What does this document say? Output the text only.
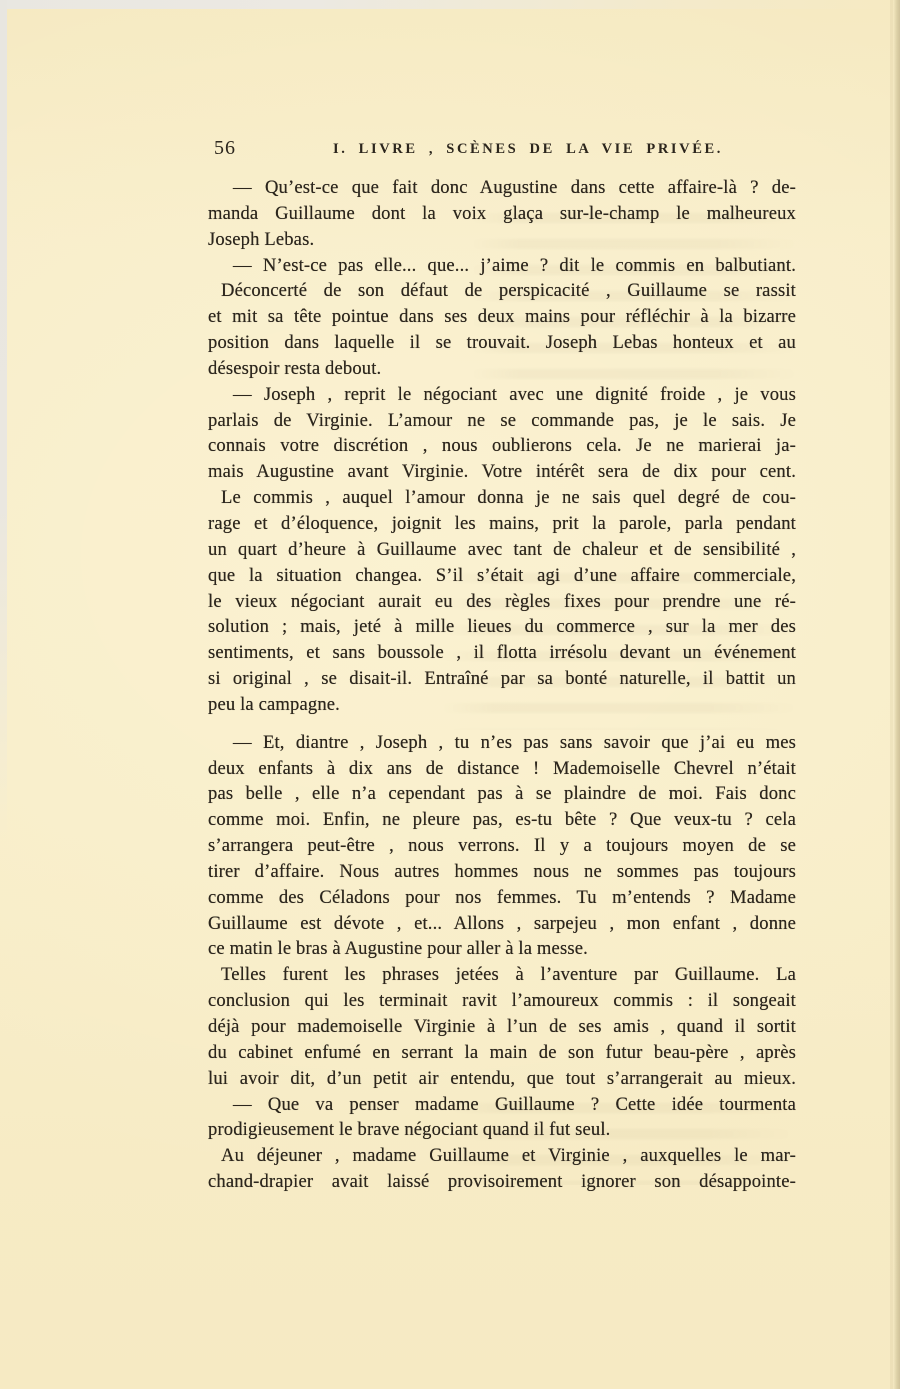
56	I. LIVRE , SCÈNES DE LA VIE PRIVÉE.
— Qu’est-ce que fait donc Augustine dans cette affaire-là ? de-
manda Guillaume dont la voix glaça sur-le-champ le malheureux
Joseph Lebas.
— N’est-ce pas elle... que... j’aime ? dit le commis en balbutiant.
Déconcerté de son défaut de perspicacité , Guillaume se rassit
et mit sa tête pointue dans ses deux mains pour réfléchir à la bizarre
position dans laquelle il se trouvait. Joseph Lebas honteux et au
désespoir resta debout.
— Joseph , reprit le négociant avec une dignité froide , je vous
parlais de Virginie. L’amour ne se commande pas, je le sais. Je
connais votre discrétion , nous oublierons cela. Je ne marierai ja-
mais Augustine avant Virginie. Votre intérêt sera de dix pour cent.
Le commis , auquel l’amour donna je ne sais quel degré de cou-
rage et d’éloquence, joignit les mains, prit la parole, parla pendant
un quart d’heure à Guillaume avec tant de chaleur et de sensibilité ,
que la situation changea. S’il s’était agi d’une affaire commerciale,
le vieux négociant aurait eu des règles fixes pour prendre une ré-
solution ; mais, jeté à mille lieues du commerce , sur la mer des
sentiments, et sans boussole , il flotta irrésolu devant un événement
si original , se disait-il. Entraîné par sa bonté naturelle, il battit un
peu la campagne.
— Et, diantre , Joseph , tu n’es pas sans savoir que j’ai eu mes
deux enfants à dix ans de distance ! Mademoiselle Chevrel n’était
pas belle , elle n’a cependant pas à se plaindre de moi. Fais donc
comme moi. Enfin, ne pleure pas, es-tu bête ? Que veux-tu ? cela
s’arrangera peut-être , nous verrons. Il y a toujours moyen de se
tirer d’affaire. Nous autres hommes nous ne sommes pas toujours
comme des Céladons pour nos femmes. Tu m’entends ? Madame
Guillaume est dévote , et... Allons , sarpejeu , mon enfant , donne
ce matin le bras à Augustine pour aller à la messe.
Telles furent les phrases jetées à l’aventure par Guillaume. La
conclusion qui les terminait ravit l’amoureux commis : il songeait
déjà pour mademoiselle Virginie à l’un de ses amis , quand il sortit
du cabinet enfumé en serrant la main de son futur beau-père , après
lui avoir dit, d’un petit air entendu, que tout s’arrangerait au mieux.
— Que va penser madame Guillaume ? Cette idée tourmenta
prodigieusement le brave négociant quand il fut seul.
Au déjeuner , madame Guillaume et Virginie , auxquelles le mar-
chand-drapier avait laissé provisoirement ignorer son désappointe-
